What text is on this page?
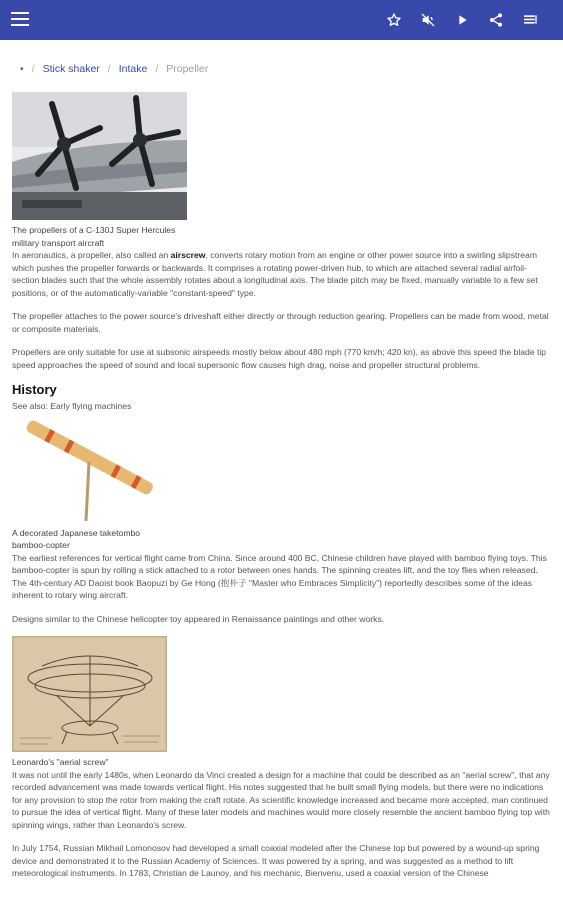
• / Stick shaker / Intake / Propeller
The propellers of a C-130J Super Hercules
military transport aircraft

In aeronautics, a propeller, also called an airscrew, converts rotary motion from an engine or other power source into a swirling slipstream which pushes the propeller forwards or backwards. It comprises a rotating power-driven hub, to which are attached several radial airfoil-section blades such that the whole assembly rotates about a longitudinal axis. The blade pitch may be fixed, manually variable to a few set positions, or of the automatically-variable "constant-speed" type.

The propeller attaches to the power source's driveshaft either directly or through reduction gearing. Propellers can be made from wood, metal or composite materials.

Propellers are only suitable for use at subsonic airspeeds mostly below about 480 mph (770 km/h; 420 kn), as above this speed the blade tip speed approaches the speed of sound and local supersonic flow causes high drag, noise and propeller structural problems.

History
See also: Early flying machines
A decorated Japanese taketombo
bamboo-copter

The earliest references for vertical flight came from China. Since around 400 BC, Chinese children have played with bamboo flying toys. This bamboo-copter is spun by rolling a stick attached to a rotor between ones hands. The spinning creates lift, and the toy flies when released. The 4th-century AD Daoist book Baopuzi by Ge Hong (抱朴子 "Master who Embraces Simplicity") reportedly describes some of the ideas inherent to rotary wing aircraft.

Designs similar to the Chinese helicopter toy appeared in Renaissance paintings and other works.

Leonardo's "aerial screw"

It was not until the early 1480s, when Leonardo da Vinci created a design for a machine that could be described as an "aerial screw", that any recorded advancement was made towards vertical flight. His notes suggested that he built small flying models, but there were no indications for any provision to stop the rotor from making the craft rotate. As scientific knowledge increased and became more accepted, man continued to pursue the idea of vertical flight. Many of these later models and machines would more closely resemble the ancient bamboo flying top with spinning wings, rather than Leonardo's screw.

In July 1754, Russian Mikhail Lomonosov had developed a small coaxial modeled after the Chinese top but powered by a wound-up spring device and demonstrated it to the Russian Academy of Sciences. It was powered by a spring, and was suggested as a method to lift meteorological instruments. In 1783, Christian de Launoy, and his mechanic, Bienvenu, used a coaxial version of the Chinese
